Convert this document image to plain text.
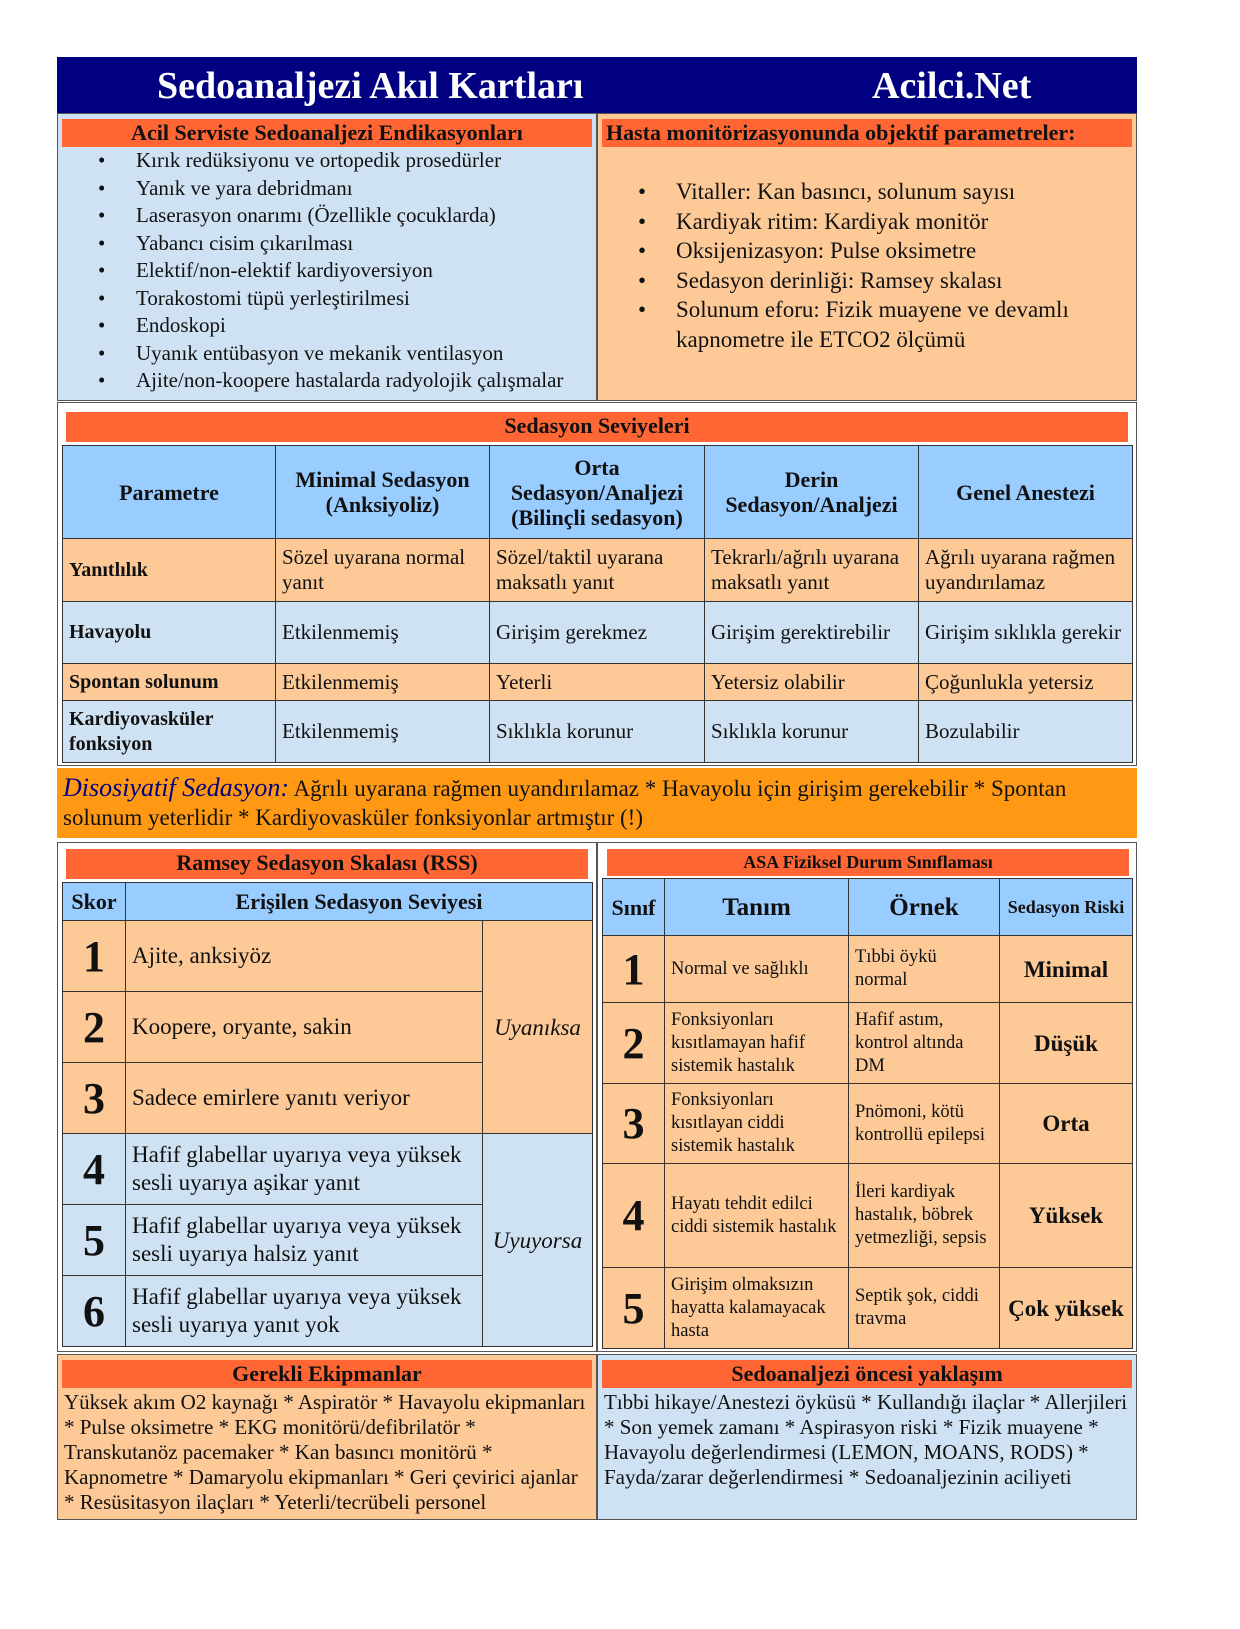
Sedoanaljezi Akıl Kartları	Acilci.Net
Acil Serviste Sedoanaljezi Endikasyonları
• Kırık redüksiyonu ve ortopedik prosedürler
• Yanık ve yara debridmanı
• Laserasyon onarımı (Özellikle çocuklarda)
• Yabancı cisim çıkarılması
• Elektif/non-elektif kardiyoversiyon
• Torakostomi tüpü yerleştirilmesi
• Endoskopi
• Uyanık entübasyon ve mekanik ventilasyon
• Ajite/non-koopere hastalarda radyolojik çalışmalar
Hasta monitörizasyonunda objektif parametreler:
• Vitaller: Kan basıncı, solunum sayısı
• Kardiyak ritim: Kardiyak monitör
• Oksijenizasyon: Pulse oksimetre
• Sedasyon derinliği: Ramsey skalası
• Solunum eforu: Fizik muayene ve devamlı kapnometre ile ETCO2 ölçümü
Sedasyon Seviyeleri
Parametre	Minimal Sedasyon (Anksiyoliz)	Orta Sedasyon/Analjezi (Bilinçli sedasyon)	Derin Sedasyon/Analjezi	Genel Anestezi
Yanıtlılık	Sözel uyarana normal yanıt	Sözel/taktil uyarana maksatlı yanıt	Tekrarlı/ağrılı uyarana maksatlı yanıt	Ağrılı uyarana rağmen uyandırılamaz
Havayolu	Etkilenmemiş	Girişim gerekmez	Girişim gerektirebilir	Girişim sıklıkla gerekir
Spontan solunum	Etkilenmemiş	Yeterli	Yetersiz olabilir	Çoğunlukla yetersiz
Kardiyovasküler fonksiyon	Etkilenmemiş	Sıklıkla korunur	Sıklıkla korunur	Bozulabilir
Disosiyatif Sedasyon: Ağrılı uyarana rağmen uyandırılamaz * Havayolu için girişim gerekebilir * Spontan solunum yeterlidir * Kardiyovasküler fonksiyonlar artmıştır (!)
Ramsey Sedasyon Skalası (RSS)
Skor	Erişilen Sedasyon Seviyesi	
1	Ajite, anksiyöz	Uyanıksa
2	Koopere, oryante, sakin	
3	Sadece emirlere yanıtı veriyor	
4	Hafif glabellar uyarıya veya yüksek sesli uyarıya aşikar yanıt	Uyuyorsa
5	Hafif glabellar uyarıya veya yüksek sesli uyarıya halsiz yanıt	
6	Hafif glabellar uyarıya veya yüksek sesli uyarıya yanıt yok	
ASA Fiziksel Durum Sınıflaması
Sınıf	Tanım	Örnek	Sedasyon Riski
1	Normal ve sağlıklı	Tıbbi öykü normal	Minimal
2	Fonksiyonları kısıtlamayan hafif sistemik hastalık	Hafif astım, kontrol altında DM	Düşük
3	Fonksiyonları kısıtlayan ciddi sistemik hastalık	Pnömoni, kötü kontrollü epilepsi	Orta
4	Hayatı tehdit edilci ciddi sistemik hastalık	İleri kardiyak hastalık, böbrek yetmezliği, sepsis	Yüksek
5	Girişim olmaksızın hayatta kalamayacak hasta	Septik şok, ciddi travma	Çok yüksek
Gerekli Ekipmanlar
Yüksek akım O2 kaynağı * Aspiratör * Havayolu ekipmanları * Pulse oksimetre * EKG monitörü/defibrilatör * Transkutanöz pacemaker * Kan basıncı monitörü * Kapnometre * Damaryolu ekipmanları * Geri çevirici ajanlar * Resüsitasyon ilaçları * Yeterli/tecrübeli personel
Sedoanaljezi öncesi yaklaşım
Tıbbi hikaye/Anestezi öyküsü * Kullandığı ilaçlar * Allerjileri * Son yemek zamanı * Aspirasyon riski * Fizik muayene * Havayolu değerlendirmesi (LEMON, MOANS, RODS) * Fayda/zarar değerlendirmesi * Sedoanaljezinin aciliyeti
